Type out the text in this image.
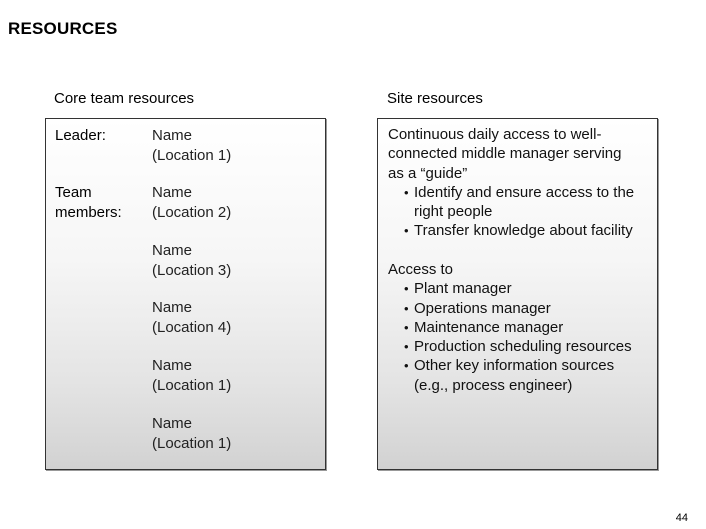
RESOURCES
Core team resources	Site resources
Leader:
Team
members:
Name
(Location 1)
Name
(Location 2)
Name
(Location 3)
Name
(Location 4)
Name
(Location 1)
Name
(Location 1)
Continuous daily access to well-
connected middle manager serving
as a “guide”
• Identify and ensure access to the
right people
• Transfer knowledge about facility
Access to
• Plant manager
• Operations manager
• Maintenance manager
• Production scheduling resources
• Other key information sources
(e.g., process engineer)
44
